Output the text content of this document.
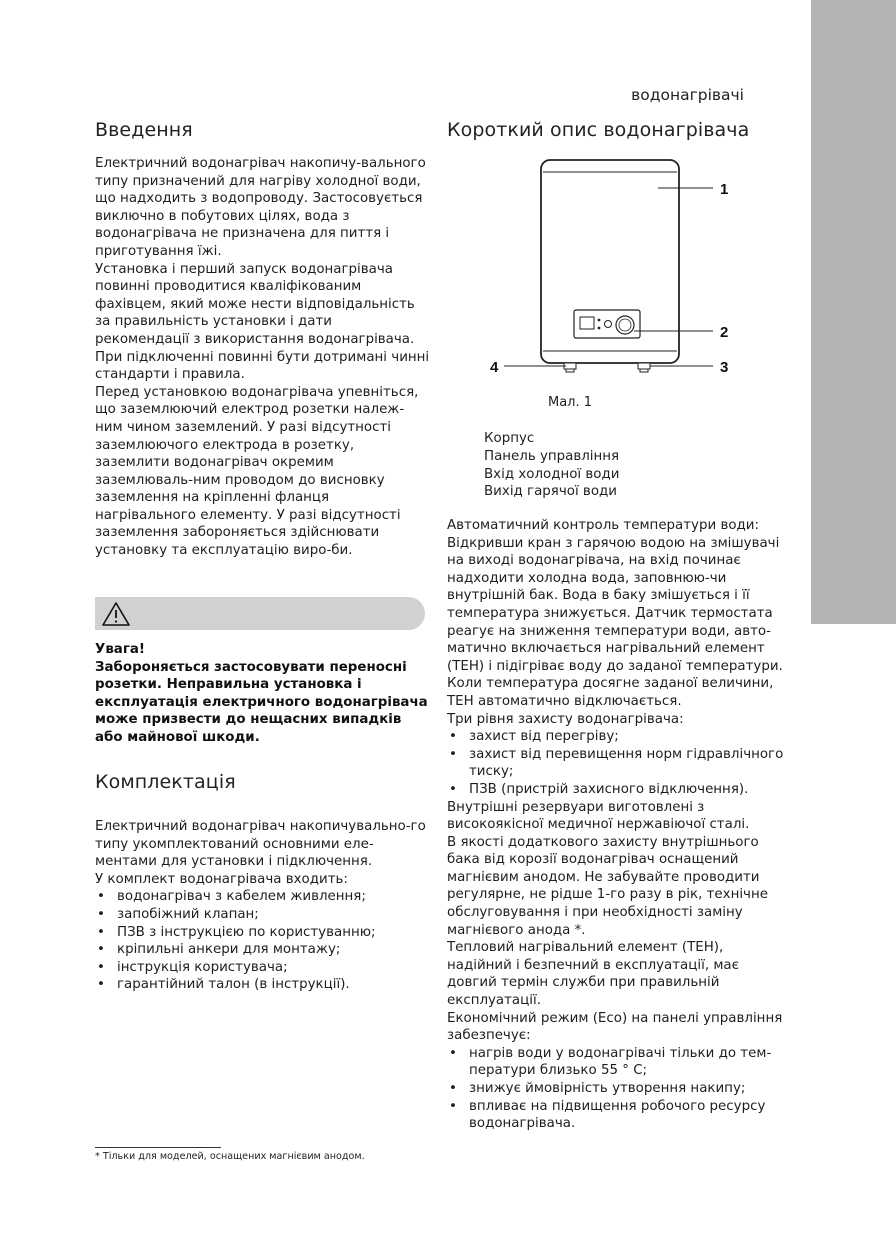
водонагрівачі
Введення

Електричний водонагрівач накопичу-вального типу призначений для нагріву холодної води, що надходить з водопроводу. Застосовується виключно в побутових цілях, вода з водонагрівача не призначена для пиття і приготування їжі.

Установка і перший запуск водонагрівача повинні проводитися кваліфікованим фахівцем, який може нести відповідальність за правильність установки і дати рекомендації з використання водонагрівача. При підключенні повинні бути дотримані чинні стандарти і правила.

Перед установкою водонагрівача упевніться, що заземлюючий електрод розетки належ-ним чином заземлений. У разі відсутності заземлюючого електрода в розетку, заземлити водонагрівач окремим заземлюваль-ним проводом до висновку заземлення на кріпленні фланця нагрівального елементу. У разі відсутності заземлення забороняється здійснювати установку та експлуатацію виро-би.

Увага!

Забороняється застосовувати переносні розетки. Неправильна установка і експлуатація електричного водонагрівача може призвести до нещасних випадків або майнової шкоди.

Комплектація

Електричний водонагрівач накопичувально-го типу укомплектований основними еле-ментами для установки і підключення.

У комплект водонагрівача входить:

• водонагрівач з кабелем живлення;
• запобіжний клапан;
• ПЗВ з інструкцією по користуванню;
• кріпильні анкери для монтажу;
• інструкція користувача;
• гарантійний талон (в інструкції).
* Тільки для моделей, оснащених магнієвим анодом.
Короткий опис водонагрівача
1
2
3
4
Мал. 1
Корпус
Панель управління
Вхід холодної води
Вихід гарячої води

Автоматичний контроль температури води: Відкривши кран з гарячою водою на змішувачі на виході водонагрівача, на вхід починає надходити холодна вода, заповнюю-чи внутрішній бак. Вода в баку змішується і її температура знижується. Датчик термостата реагує на зниження температури води, авто-матично включається нагрівальний елемент (ТЕН) і підігріває воду до заданої температури. Коли температура досягне заданої величини, ТЕН автоматично відключається.

Три рівня захисту водонагрівача:

• захист від перегріву;
• захист від перевищення норм гідравлічного тиску;
• ПЗВ (пристрій захисного відключення).

Внутрішні резервуари виготовлені з високоякісної медичної нержавіючої сталі.

В якості додаткового захисту внутрішнього бака від корозії водонагрівач оснащений магнієвим анодом. Не забувайте проводити регулярне, не рідше 1-го разу в рік, технічне обслуговування і при необхідності заміну магнієвого анода *.

Тепловий нагрівальний елемент (ТЕН), надійний і безпечний в експлуатації, має довгий термін служби при правильній експлуатації.

Економічний режим (Eco) на панелі управління забезпечує:

• нагрів води у водонагрівачі тільки до тем-ператури близько 55 ° С;
• знижує ймовірність утворення накипу;
• впливає на підвищення робочого ресурсу водонагрівача.
